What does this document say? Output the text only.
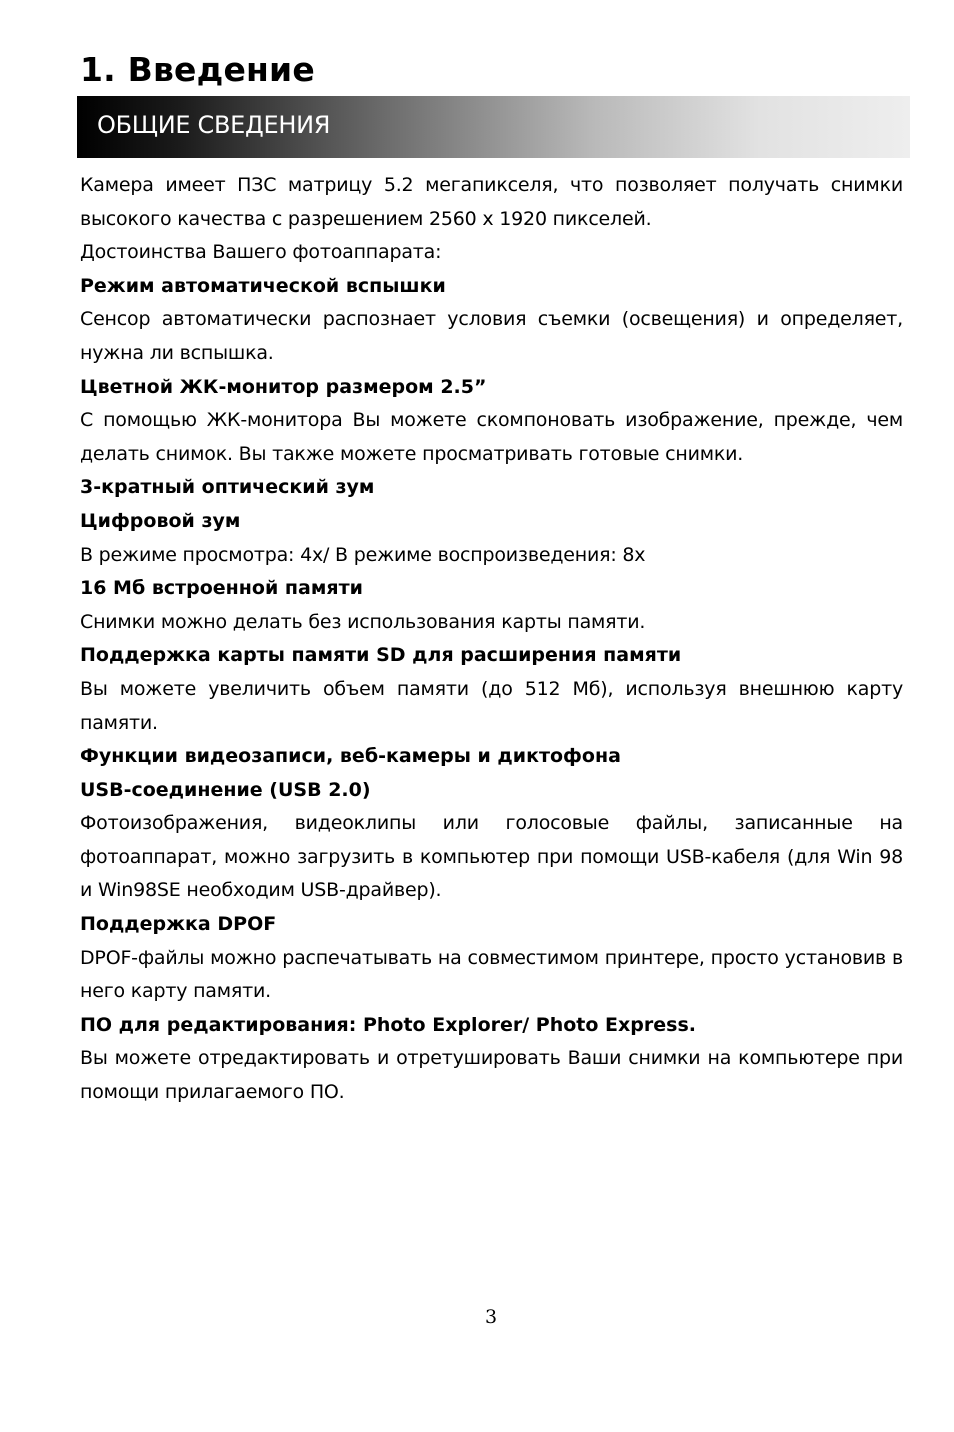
1. Введение
ОБЩИЕ СВЕДЕНИЯ

Камера имеет ПЗС матрицу 5.2 мегапикселя, что позволяет получать снимки высокого качества с разрешением 2560 x 1920 пикселей.

Достоинства Вашего фотоаппарата:

Режим автоматической вспышки

Сенсор автоматически распознает условия съемки (освещения) и определяет, нужна ли вспышка.

Цветной ЖК-монитор размером 2.5”

С помощью ЖК-монитора Вы можете скомпоновать изображение, прежде, чем делать снимок. Вы также можете просматривать готовые снимки.

3-кратный оптический зум

Цифровой зум

В режиме просмотра: 4х/ В режиме воспроизведения: 8х

16 Мб встроенной памяти

Снимки можно делать без использования карты памяти.

Поддержка карты памяти SD для расширения памяти

Вы можете увеличить объем памяти (до 512 Мб), используя внешнюю карту памяти.

Функции видеозаписи, веб-камеры и диктофона

USB-соединение (USB 2.0)

Фотоизображения, видеоклипы или голосовые файлы, записанные на фотоаппарат, можно загрузить в компьютер при помощи USB-кабеля (для Win 98 и Win98SE необходим USB-драйвер).

Поддержка DPOF

DPOF-файлы можно распечатывать на совместимом принтере, просто установив в него карту памяти.

ПО для редактирования: Photo Explorer/ Photo Express.

Вы можете отредактировать и отретушировать Ваши снимки на компьютере при помощи прилагаемого ПО.

3
